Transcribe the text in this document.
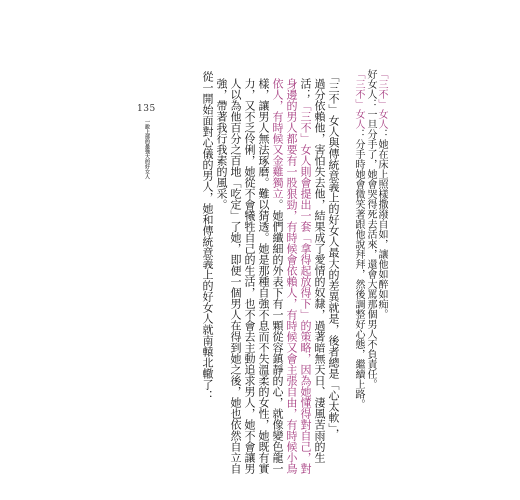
135
一說上部的最強大的好女人
「三不」女人：她在床上照樣撒潑自如，讓他如醉如痴。
好女人：一旦分手了，她會哭得死去活來，還會大罵那個男人不負責任。
「三不」女人：分手時她會微笑著跟他說拜拜，然後調整好心態，繼續上路。
「三不」女人與傳統意義上的好女人最大的差異就是，後者總是「心太軟」，
過分依賴他，害怕失去他，結果成了愛情的奴隸，過著暗無天日、淒風苦雨的生
活；「三不」女人則會提出一套「拿得起放得下」的策略，因為她懂得對自己，對
身邊的男人都要有一股狠勁，有時候會依賴人，有時候又會主張自由，有時候小鳥
依人，有時候又金雞獨立。她們纖細的外表下有一顆從容鎮靜的心，就像變色龍一
樣，讓男人無法琢磨。難以猜透。她是那種自強不息而不失溫柔的女性，她既有實
力，又不乏伶俐，她從不會犧牲自己的生活，也不會去主動追求男人，她不會讓男
人以為他百分之百地「吃定」了她，即便一個男人在得到她之後，她也依然自立自
強，帶著我行我素的風采。
從一開始面對心儀的男人，她和傳統意義上的好女人就南轅北轍了：
